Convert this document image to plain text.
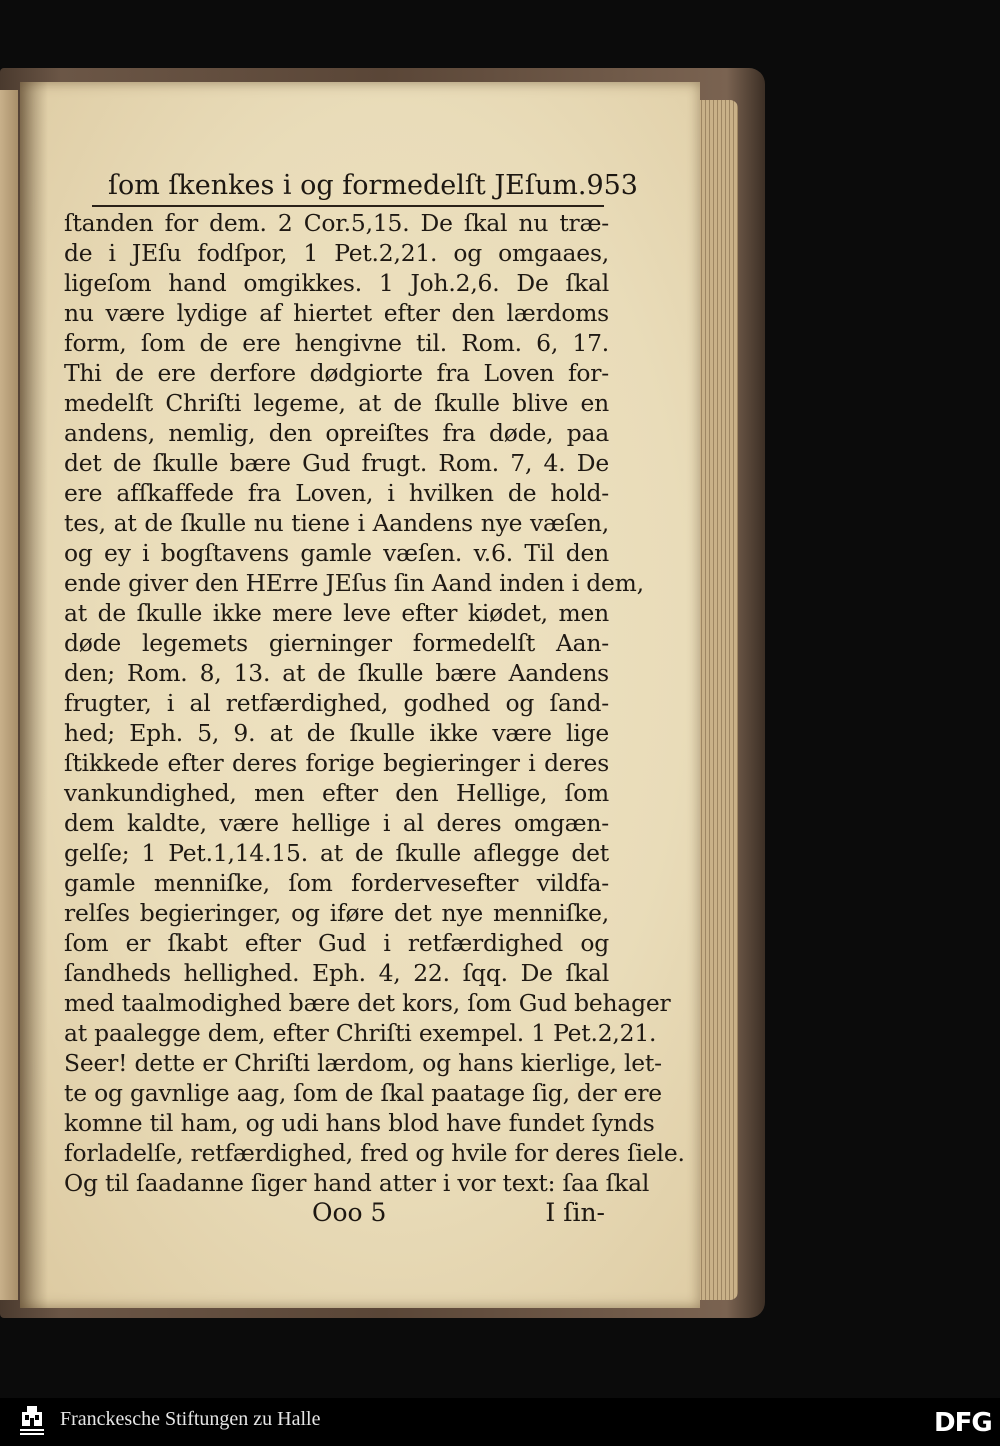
ſom ſkenkes i og formedelſt JEſum. 953
ſtanden for dem. 2 Cor.5,15. De ſkal nu træ-
de i JEſu fodſpor, 1 Pet.2,21. og omgaaes,
ligeſom hand omgikkes. 1 Joh.2,6. De ſkal
nu være lydige af hiertet efter den lærdoms
form, ſom de ere hengivne til. Rom. 6, 17.
Thi de ere derfore dødgiorte fra Loven for-
medelſt Chriſti legeme, at de ſkulle blive en
andens, nemlig, den opreiſtes fra døde, paa
det de ſkulle bære Gud frugt. Rom. 7, 4. De
ere afſkaffede fra Loven, i hvilken de hold-
tes, at de ſkulle nu tiene i Aandens nye væſen,
og ey i bogſtavens gamle væſen. v.6. Til den
ende giver den HErre JEſus ſin Aand inden i dem,
at de ſkulle ikke mere leve efter kiødet, men
døde legemets gierninger formedelſt Aan-
den; Rom. 8, 13. at de ſkulle bære Aandens
frugter, i al retfærdighed, godhed og ſand-
hed; Eph. 5, 9. at de ſkulle ikke være lige
ſtikkede efter deres forige begieringer i deres
vankundighed, men efter den Hellige, ſom
dem kaldte, være hellige i al deres omgæn-
gelſe; 1 Pet.1,14.15. at de ſkulle aflegge det
gamle menniſke, ſom fordervesefter vildfa-
relſes begieringer, og iføre det nye menniſke,
ſom er ſkabt efter Gud i retfærdighed og
ſandheds hellighed. Eph. 4, 22. ſqq. De ſkal
med taalmodighed bære det kors, ſom Gud behager
at paalegge dem, efter Chriſti exempel. 1 Pet.2,21.
Seer! dette er Chriſti lærdom, og hans kierlige, let-
te og gavnlige aag, ſom de ſkal paatage ſig, der ere
komne til ham, og udi hans blod have fundet ſynds
forladelſe, retfærdighed, fred og hvile for deres ſiele.
Og til ſaadanne ſiger hand atter i vor text: ſaa ſkal
Ooo 5	I ſin-
Franckesche Stiftungen zu Halle	DFG
